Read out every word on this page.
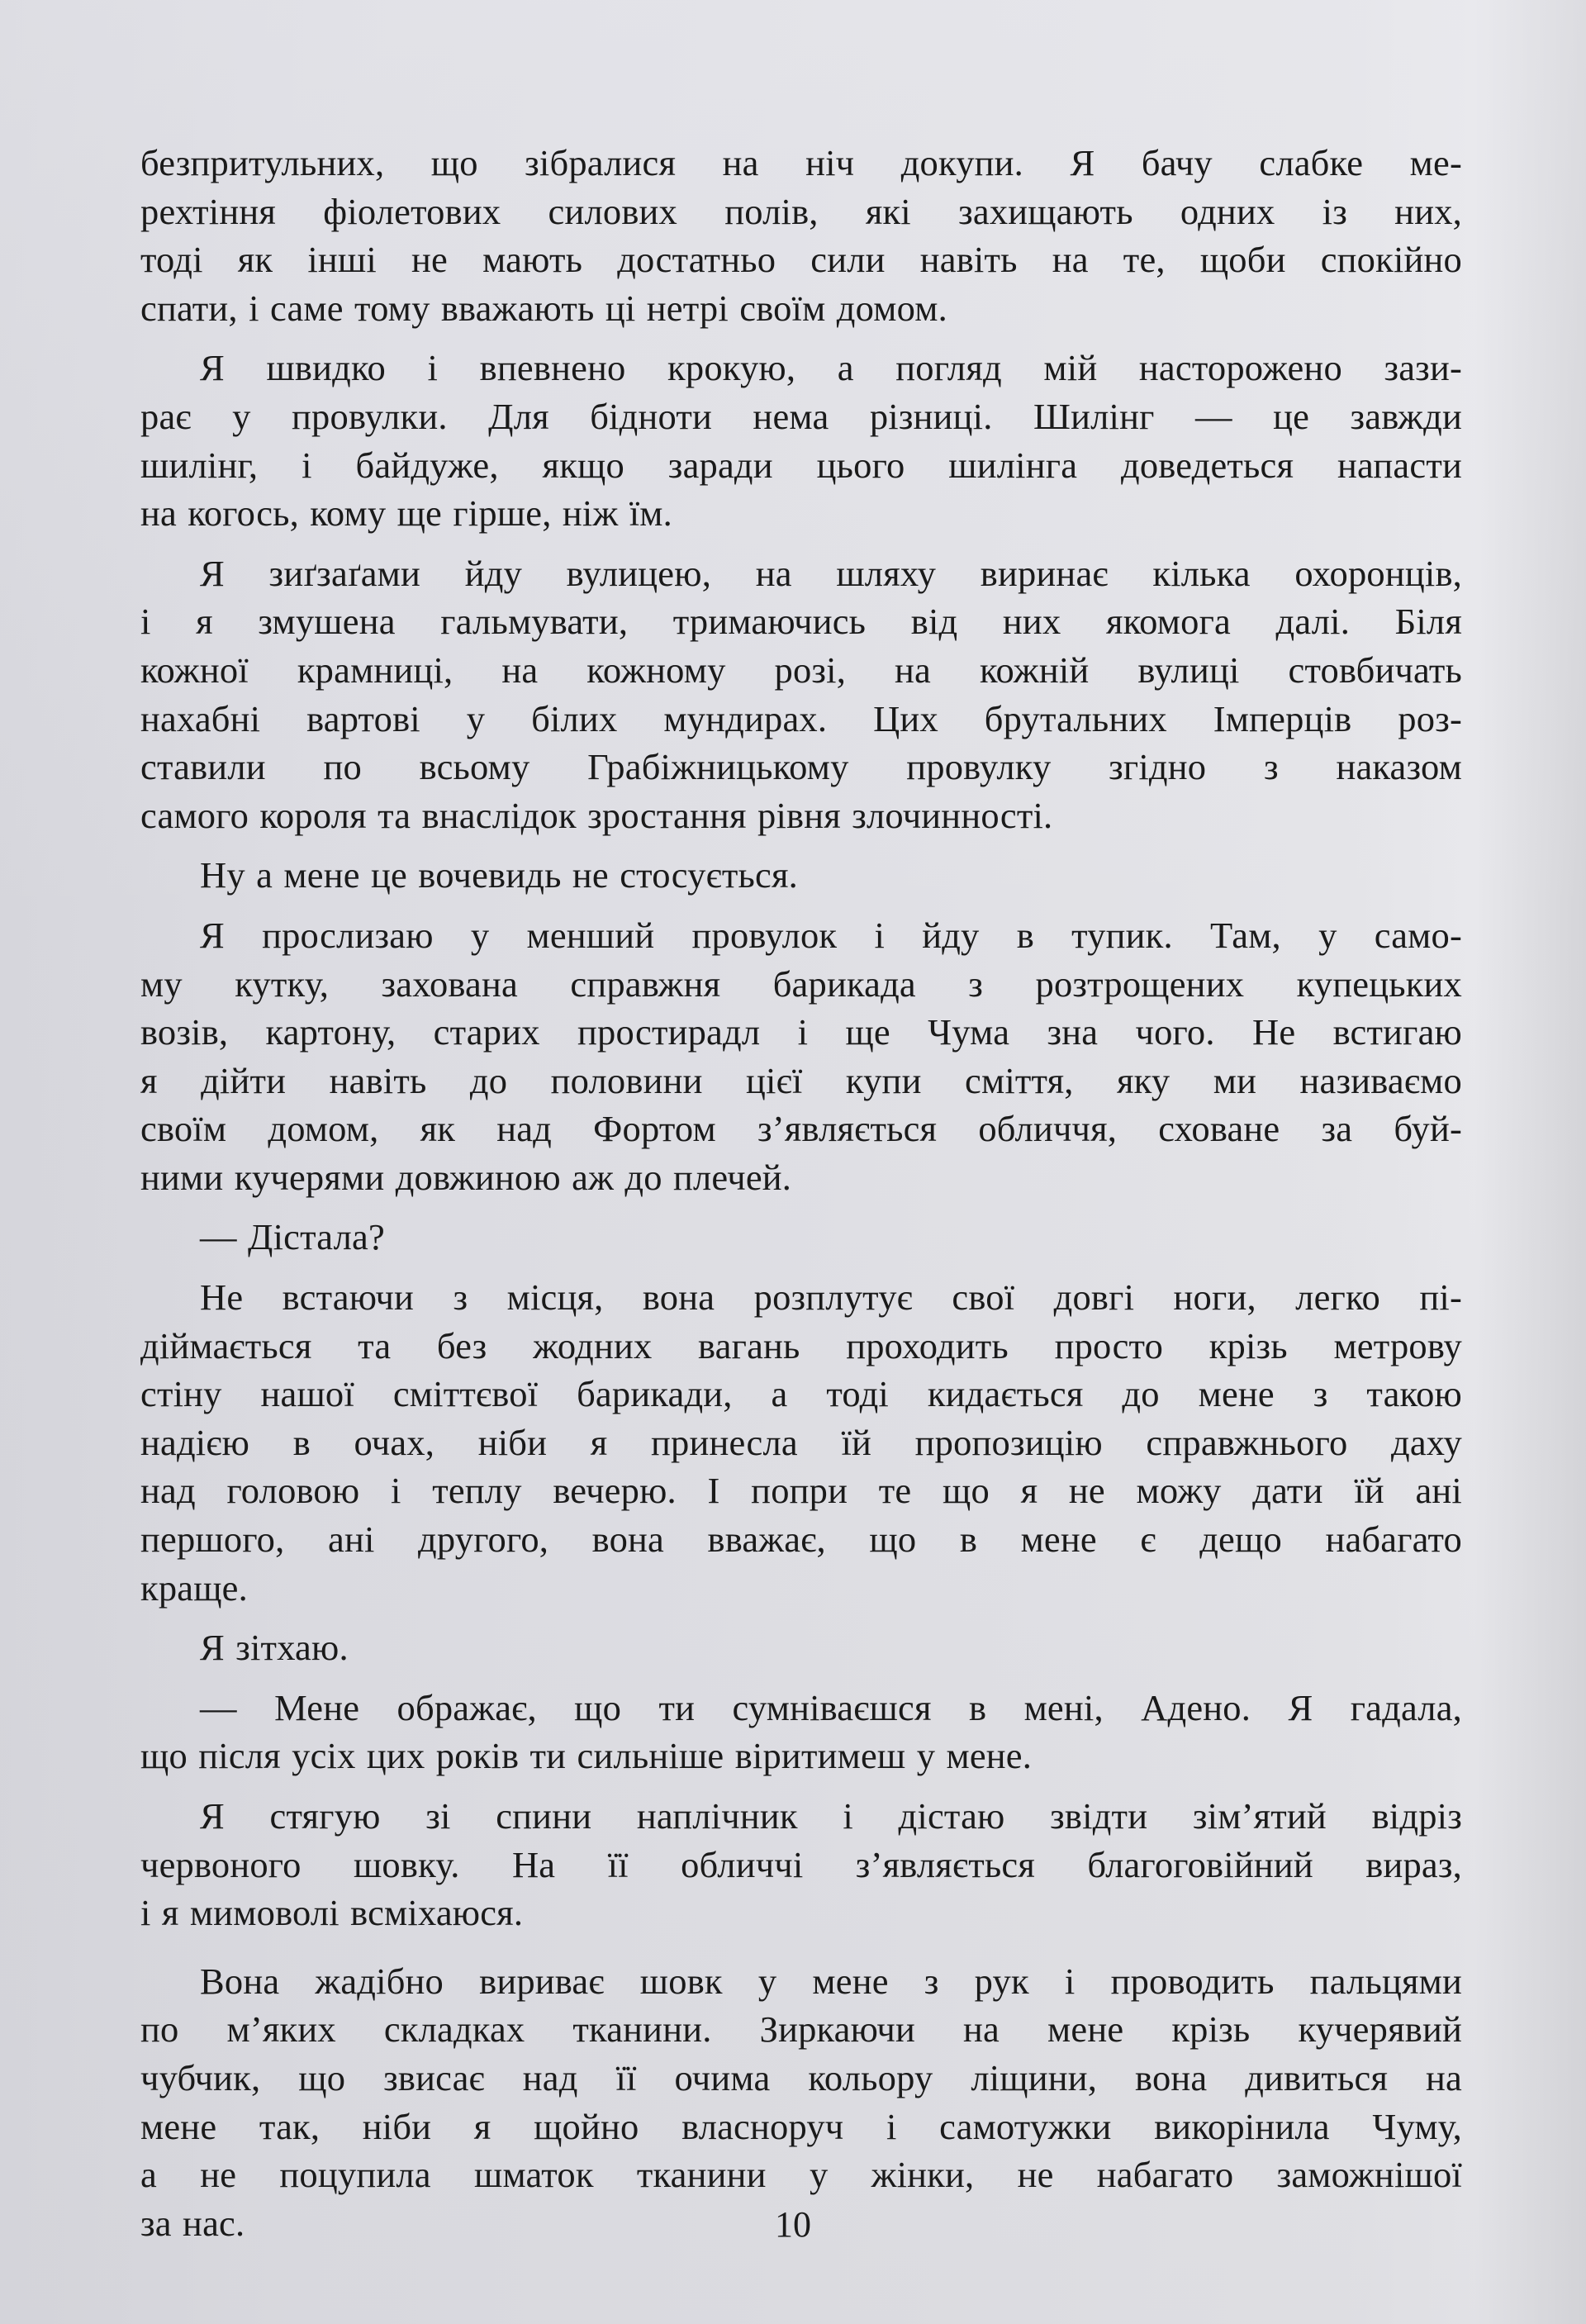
безпритульних, що зібралися на ніч докупи. Я бачу слабке ме-
рехтіння фіолетових силових полів, які захищають одних із них,
тоді як інші не мають достатньо сили навіть на те, щоби спокійно
спати, і саме тому вважають ці нетрі своїм домом.
Я швидко і впевнено крокую, а погляд мій насторожено зази-
рає у провулки. Для бідноти нема різниці. Шилінг — це завжди
шилінг, і байдуже, якщо заради цього шилінга доведеться напасти
на когось, кому ще гірше, ніж їм.
Я зиґзаґами йду вулицею, на шляху виринає кілька охоронців,
і я змушена гальмувати, тримаючись від них якомога далі. Біля
кожної крамниці, на кожному розі, на кожній вулиці стовбичать
нахабні вартові у білих мундирах. Цих брутальних Імперців роз-
ставили по всьому Грабіжницькому провулку згідно з наказом
самого короля та внаслідок зростання рівня злочинності.
Ну а мене це вочевидь не стосується.
Я прослизаю у менший провулок і йду в тупик. Там, у само-
му кутку, захована справжня барикада з розтрощених купецьких
возів, картону, старих простирадл і ще Чума зна чого. Не встигаю
я дійти навіть до половини цієї купи сміття, яку ми називаємо
своїм домом, як над Фортом з’являється обличчя, сховане за буй-
ними кучерями довжиною аж до плечей.
— Дістала?
Не встаючи з місця, вона розплутує свої довгі ноги, легко пі-
діймається та без жодних вагань проходить просто крізь метрову
стіну нашої сміттєвої барикади, а тоді кидається до мене з такою
надією в очах, ніби я принесла їй пропозицію справжнього даху
над головою і теплу вечерю. І попри те що я не можу дати їй ані
першого, ані другого, вона вважає, що в мене є дещо набагато
краще.
Я зітхаю.
— Мене ображає, що ти сумніваєшся в мені, Адено. Я гадала,
що після усіх цих років ти сильніше віритимеш у мене.
Я стягую зі спини наплічник і дістаю звідти зім’ятий відріз
червоного шовку. На її обличчі з’являється благоговійний вираз,
і я мимоволі всміхаюся.
Вона жадібно вириває шовк у мене з рук і проводить пальцями
по м’яких складках тканини. Зиркаючи на мене крізь кучерявий
чубчик, що звисає над її очима кольору ліщини, вона дивиться на
мене так, ніби я щойно власноруч і самотужки викорінила Чуму,
а не поцупила шматок тканини у жінки, не набагато заможнішої
за нас.	10
